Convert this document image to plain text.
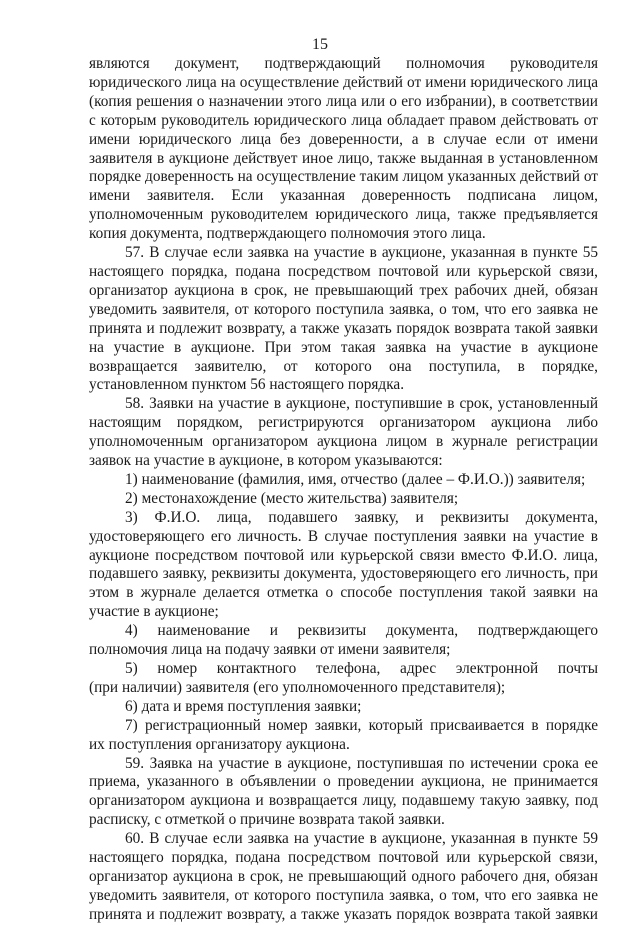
15

являются документ, подтверждающий полномочия руководителя

юридического лица на осуществление действий от имени юридического лица

(копия решения о назначении этого лица или о его избрании), в соответствии

с которым руководитель юридического лица обладает правом действовать от

имени юридического лица без доверенности, а в случае если от имени

заявителя в аукционе действует иное лицо, также выданная в установленном

порядке доверенность на осуществление таким лицом указанных действий от

имени заявителя. Если указанная доверенность подписана лицом,

уполномоченным руководителем юридического лица, также предъявляется

копия документа, подтверждающего полномочия этого лица.

57. В случае если заявка на участие в аукционе, указанная в пункте 55

настоящего порядка, подана посредством почтовой или курьерской связи,

организатор аукциона в срок, не превышающий трех рабочих дней, обязан

уведомить заявителя, от которого поступила заявка, о том, что его заявка не

принята и подлежит возврату, а также указать порядок возврата такой заявки

на участие в аукционе. При этом такая заявка на участие в аукционе

возвращается заявителю, от которого она поступила, в порядке,

установленном пунктом 56 настоящего порядка.

58. Заявки на участие в аукционе, поступившие в срок, установленный

настоящим порядком, регистрируются организатором аукциона либо

уполномоченным организатором аукциона лицом в журнале регистрации

заявок на участие в аукционе, в котором указываются:

1) наименование (фамилия, имя, отчество (далее – Ф.И.О.)) заявителя;

2) местонахождение (место жительства) заявителя;

3) Ф.И.О. лица, подавшего заявку, и реквизиты документа,

удостоверяющего его личность. В случае поступления заявки на участие в

аукционе посредством почтовой или курьерской связи вместо Ф.И.О. лица,

подавшего заявку, реквизиты документа, удостоверяющего его личность, при

этом в журнале делается отметка о способе поступления такой заявки на

участие в аукционе;

4) наименование и реквизиты документа, подтверждающего

полномочия лица на подачу заявки от имени заявителя;

5) номер контактного телефона, адрес электронной почты

(при наличии) заявителя (его уполномоченного представителя);

6) дата и время поступления заявки;

7) регистрационный номер заявки, который присваивается в порядке

их поступления организатору аукциона.

59. Заявка на участие в аукционе, поступившая по истечении срока ее

приема, указанного в объявлении о проведении аукциона, не принимается

организатором аукциона и возвращается лицу, подавшему такую заявку, под

расписку, с отметкой о причине возврата такой заявки.

60. В случае если заявка на участие в аукционе, указанная в пункте 59

настоящего порядка, подана посредством почтовой или курьерской связи,

организатор аукциона в срок, не превышающий одного рабочего дня, обязан

уведомить заявителя, от которого поступила заявка, о том, что его заявка не

принята и подлежит возврату, а также указать порядок возврата такой заявки
